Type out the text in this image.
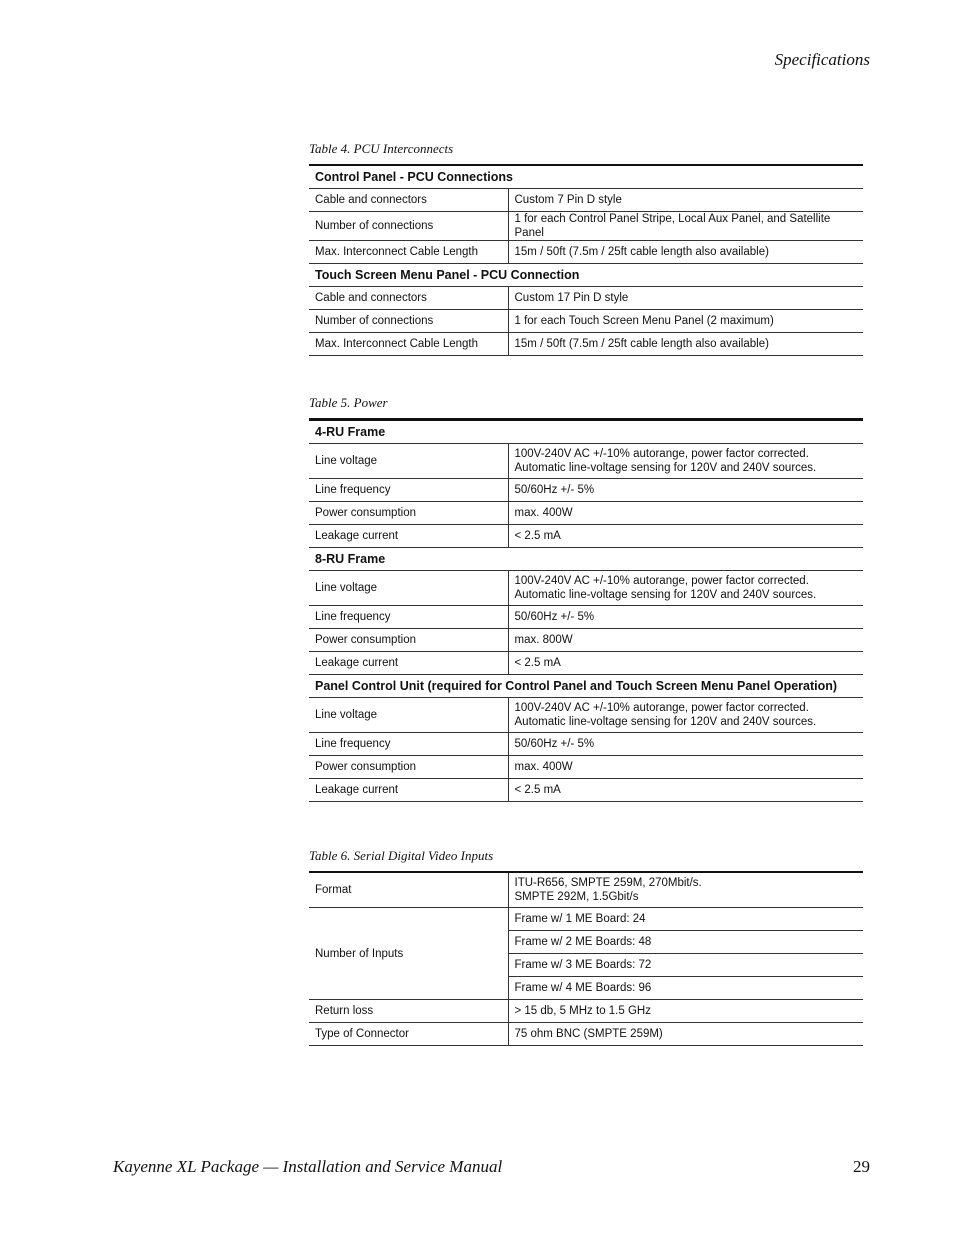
Specifications
Table 4. PCU Interconnects
Control Panel - PCU Connections	
Cable and connectors	Custom 7 Pin D style
Number of connections	1 for each Control Panel Stripe, Local Aux Panel, and Satellite Panel
Max. Interconnect Cable Length	15m / 50ft (7.5m / 25ft cable length also available)
Touch Screen Menu Panel - PCU Connection	
Cable and connectors	Custom 17 Pin D style
Number of connections	1 for each Touch Screen Menu Panel (2 maximum)
Max. Interconnect Cable Length	15m / 50ft (7.5m / 25ft cable length also available)
Table 5. Power
4-RU Frame	
Line voltage	100V-240V AC +/-10% autorange, power factor corrected. Automatic line-voltage sensing for 120V and 240V sources.
Line frequency	50/60Hz +/- 5%
Power consumption	max. 400W
Leakage current	< 2.5 mA
8-RU Frame	
Line voltage	100V-240V AC +/-10% autorange, power factor corrected. Automatic line-voltage sensing for 120V and 240V sources.
Line frequency	50/60Hz +/- 5%
Power consumption	max. 800W
Leakage current	< 2.5 mA
Panel Control Unit (required for Control Panel and Touch Screen Menu Panel Operation)	
Line voltage	100V-240V AC +/-10% autorange, power factor corrected. Automatic line-voltage sensing for 120V and 240V sources.
Line frequency	50/60Hz +/- 5%
Power consumption	max. 400W
Leakage current	< 2.5 mA
Table 6. Serial Digital Video Inputs
Format	ITU-R656, SMPTE 259M, 270Mbit/s.
SMPTE 292M, 1.5Gbit/s

Number of Inputs	Frame w/ 1 ME Board: 24
	Frame w/ 2 ME Boards: 48
	Frame w/ 3 ME Boards: 72
	Frame w/ 4 ME Boards: 96
Return loss	> 15 db, 5 MHz to 1.5 GHz
Type of Connector	75 ohm BNC (SMPTE 259M)
Kayenne XL Package — Installation and Service Manual	29
